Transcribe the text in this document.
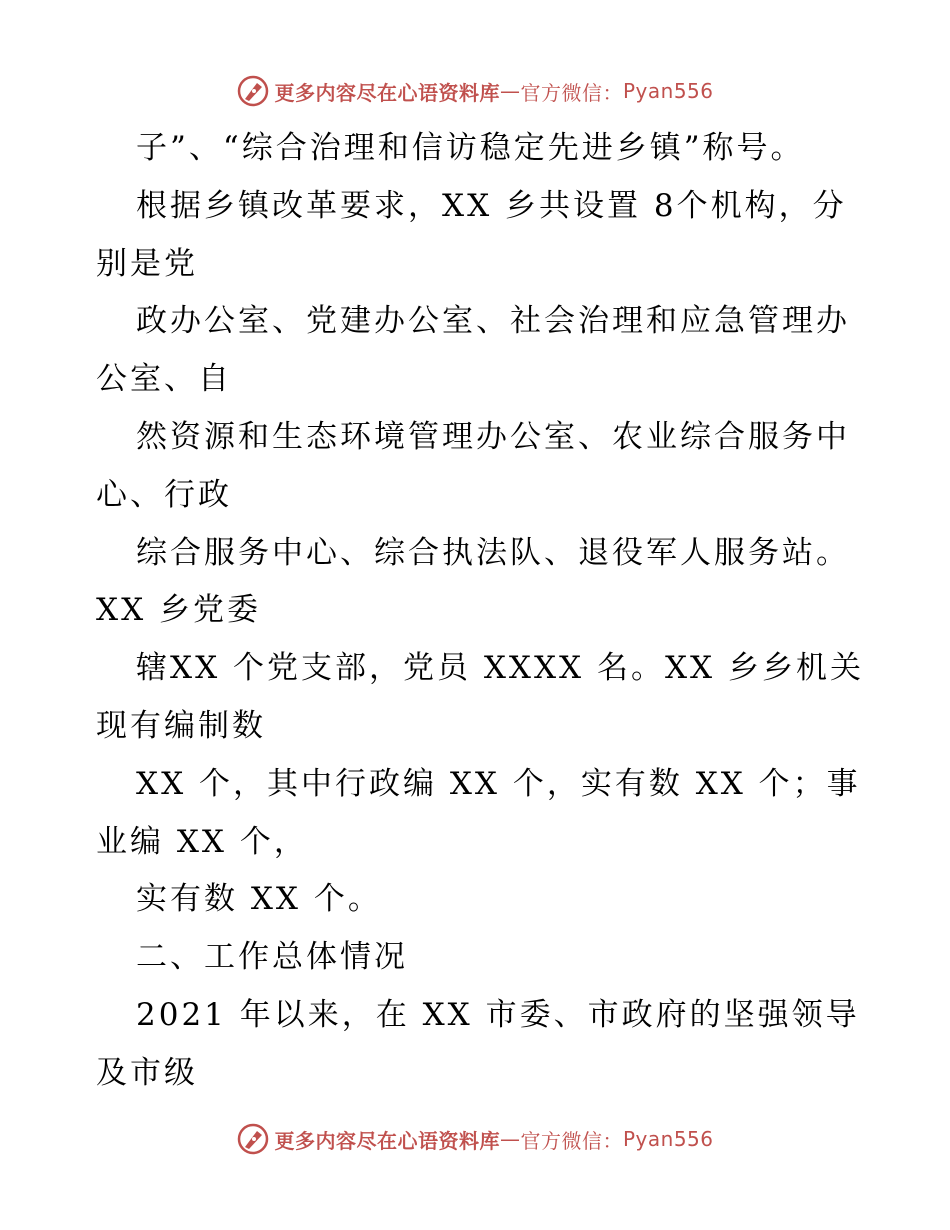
更多内容尽在心语资料库 — 官方微信： Pyan556
子”、“综合治理和信访稳定先进乡镇”称号。
根据乡镇改革要求，XX 乡共设置 8个机构，分
别是党
政办公室、党建办公室、社会治理和应急管理办
公室、自
然资源和生态环境管理办公室、农业综合服务中
心、行政
综合服务中心、综合执法队、退役军人服务站。
XX 乡党委
辖XX 个党支部，党员 XXXX 名。XX 乡乡机关
现有编制数
XX 个，其中行政编 XX 个，实有数 XX 个；事
业编 XX 个，
实有数 XX 个。
二、工作总体情况
2021 年以来，在 XX 市委、市政府的坚强领导
及市级
更多内容尽在心语资料库 — 官方微信： Pyan556
